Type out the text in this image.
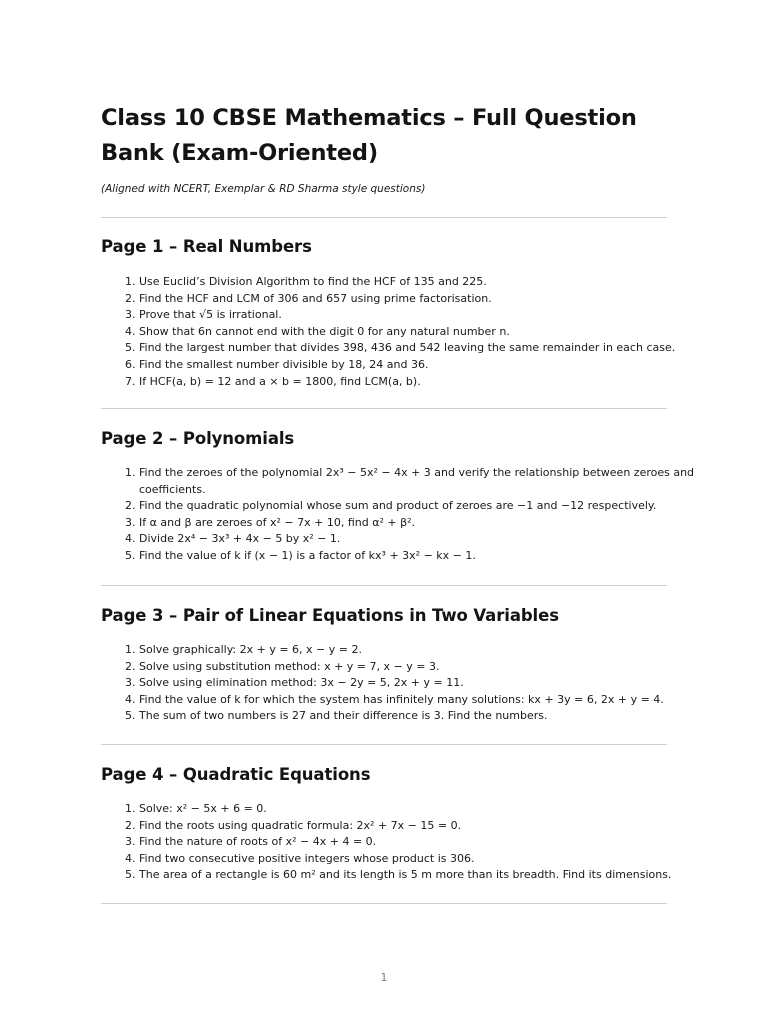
Class 10 CBSE Mathematics – Full Question Bank (Exam-Oriented)

(Aligned with NCERT, Exemplar & RD Sharma style questions)

Page 1 – Real Numbers
1. Use Euclid’s Division Algorithm to find the HCF of 135 and 225.
2. Find the HCF and LCM of 306 and 657 using prime factorisation.
3. Prove that √5 is irrational.
4. Show that 6n cannot end with the digit 0 for any natural number n.
5. Find the largest number that divides 398, 436 and 542 leaving the same remainder in each case.
6. Find the smallest number divisible by 18, 24 and 36.
7. If HCF(a, b) = 12 and a × b = 1800, find LCM(a, b).
Page 2 – Polynomials
1. Find the zeroes of the polynomial 2x³ − 5x² − 4x + 3 and verify the relationship between zeroes and coefficients.
2. Find the quadratic polynomial whose sum and product of zeroes are −1 and −12 respectively.
3. If α and β are zeroes of x² − 7x + 10, find α² + β².
4. Divide 2x⁴ − 3x³ + 4x − 5 by x² − 1.
5. Find the value of k if (x − 1) is a factor of kx³ + 3x² − kx − 1.
Page 3 – Pair of Linear Equations in Two Variables
1. Solve graphically: 2x + y = 6, x − y = 2.
2. Solve using substitution method: x + y = 7, x − y = 3.
3. Solve using elimination method: 3x − 2y = 5, 2x + y = 11.
4. Find the value of k for which the system has infinitely many solutions: kx + 3y = 6, 2x + y = 4.
5. The sum of two numbers is 27 and their difference is 3. Find the numbers.
Page 4 – Quadratic Equations
1. Solve: x² − 5x + 6 = 0.
2. Find the roots using quadratic formula: 2x² + 7x − 15 = 0.
3. Find the nature of roots of x² − 4x + 4 = 0.
4. Find two consecutive positive integers whose product is 306.
5. The area of a rectangle is 60 m² and its length is 5 m more than its breadth. Find its dimensions.
1
